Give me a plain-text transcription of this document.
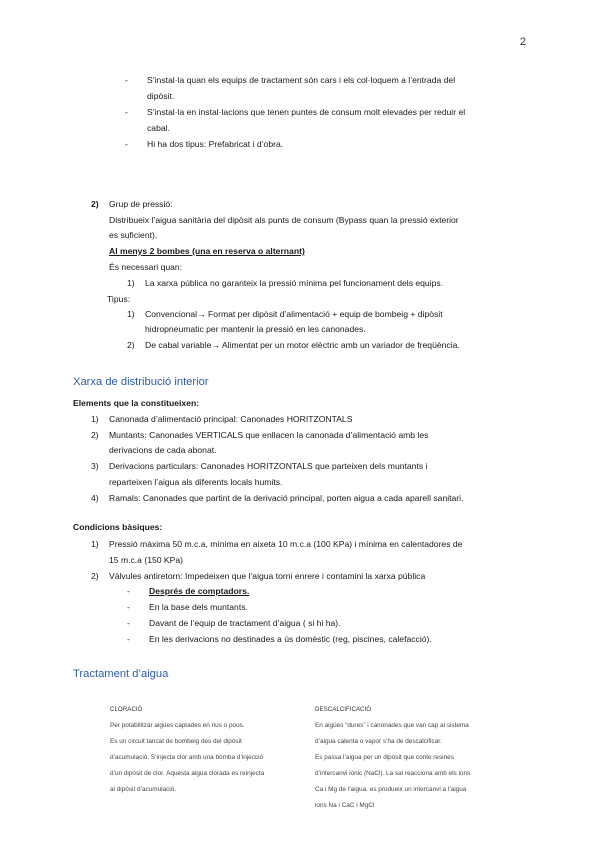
2
- S’instal·la quan els equips de tractament són cars i els col·loquem a l’entrada del
dipòsit.
- S’instal·la en instal·lacions que tenen puntes de consum molt elevades per reduir el
cabal.
- Hi ha dos tipus: Prefabricat i d’obra.
2) Grup de pressió:
Distribueix l’aigua sanitària del dipòsit als punts de consum (Bypass quan la pressió exterior
es suficient).
Al menys 2 bombes (una en reserva o alternant)
És necessari quan:
1) La xarxa pública no garanteix la pressió mínima pel funcionament dels equips.
Tipus:
1) Convencional→ Format per dipòsit d’alimentació + equip de bombeig + dipòsit
hidropneumatic per mantenir la pressió en les canonades.
2) De cabal variable→ Alimentat per un motor elèctric amb un variador de freqüència.
Xarxa de distribució interior
Elements que la constitueixen:
1) Canonada d’alimentació principal: Canonades HORITZONTALS
2) Muntants: Canonades VERTICALS que enllacen la canonada d’alimentació amb les
derivacions de cada abonat.
3) Derivacions particulars: Canonades HORITZONTALS que parteixen dels muntants i
reparteixen l’aigua als diferents locals humits.
4) Ramals: Canonades que partint de la derivació principal, porten aigua a cada aparell sanitari.
Condicions bàsiques:
1) Pressió màxima 50 m.c.a, mínima en aixeta 10 m.c.a (100 KPa) i mínima en calentadores de
15 m.c.a (150 KPa)
2) Vàlvules antiretorn: Impedeixen que l’aigua torni enrere i contamini la xarxa pública
- Després de comptadors.
- En la base dels muntants.
- Davant de l’equip de tractament d’aigua ( si hi ha).
- En les derivacions no destinades a ús domèstic (reg, piscines, calefacció).
Tractament d’aigua
CLORACIÓ
Per potabilitzar aigües captades en rius o pous.
Es un circuit tancat de bombeig des del dipòsit
d’acumulació. S’injecta clor amb una bomba d’injecció
d’un dipòsit de clor. Aquesta aigua clorada es reinjecta
al dipòsit d’acumulació.
DESCALCIFICACIÓ
En aigües “dures” i canonades que van cap al sistema
d’aigua calenta o vapor s’ha de descalcificar.
Es passa l’aigua per un dipòsit que conte resines
d’intercanvi iònic (NaCl). La sal reacciona amb els ions
Ca i Mg de l’aigua. es produeix un intercanvi a l’aigua
ions Na i CaC i MgCl
